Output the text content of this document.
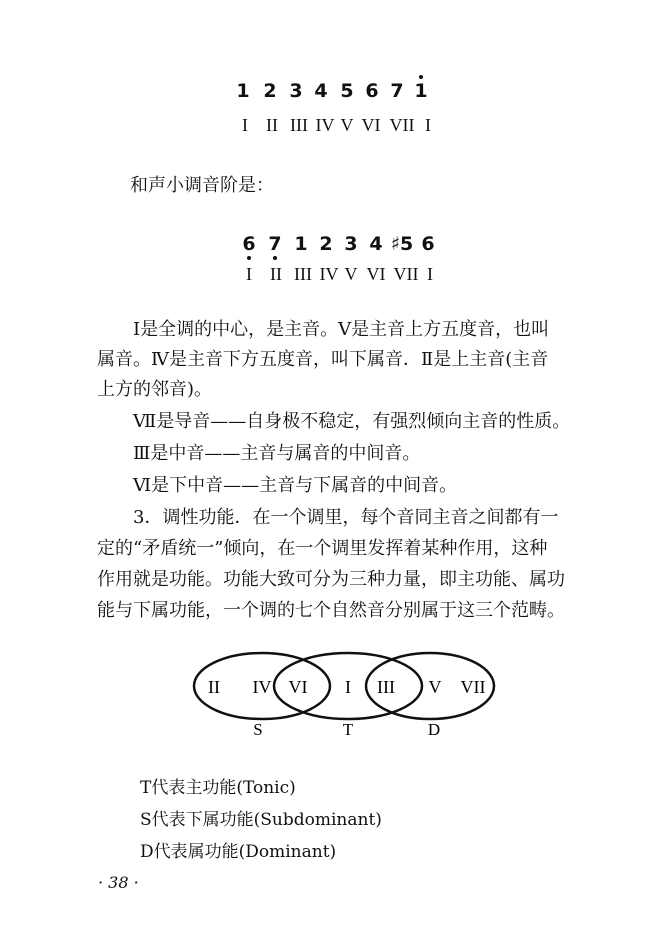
1 2 3 4 5 6 7 1
I	II III IV V VI VII I
和声小调音阶是：
6 7 1 2 3 4 ♯5 6
I	II III IV V VI VII I
Ⅰ是全调的中心，是主音。Ⅴ是主音上方五度音，也叫
属音。Ⅳ是主音下方五度音，叫下属音．Ⅱ是上主音(主音
上方的邻音)。
Ⅶ是导音——自身极不稳定，有强烈倾向主音的性质。
Ⅲ是中音——主音与属音的中间音。
Ⅵ是下中音——主音与下属音的中间音。
3．调性功能．在一个调里，每个音同主音之间都有一
定的“矛盾统一”倾向，在一个调里发挥着某种作用，这种
作用就是功能。功能大致可分为三种力量，即主功能、属功
能与下属功能，一个调的七个自然音分别属于这三个范畴。
II IV VI I III V VII
S	T	D
T代表主功能(Tonic)
S代表下属功能(Subdominant)
D代表属功能(Dominant)
· 38 ·
